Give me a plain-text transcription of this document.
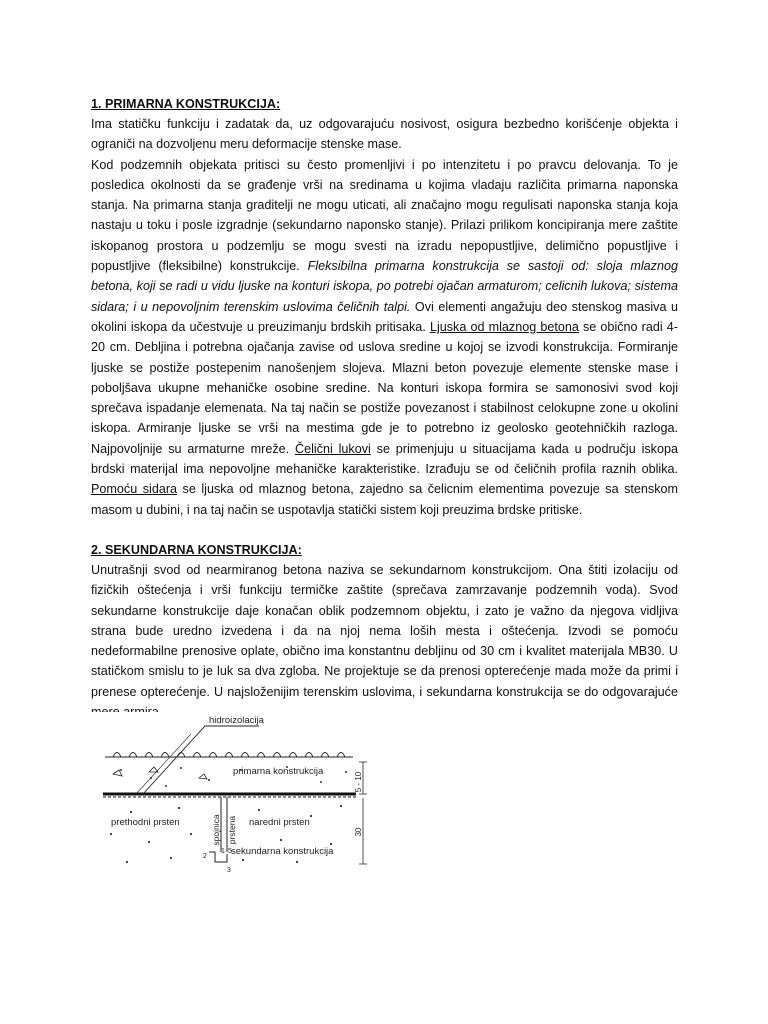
1. PRIMARNA KONSTRUKCIJA:

Ima statičku funkciju i zadatak da, uz odgovarajuću nosivost, osigura bezbedno korišćenje objekta i ograniči na dozvoljenu meru deformacije stenske mase.

Kod podzemnih objekata pritisci su često promenljivi i po intenzitetu i po pravcu delovanja. To je posledica okolnosti da se građenje vrši na sredinama u kojima vladaju različita primarna naponska stanja. Na primarna stanja graditelji ne mogu uticati, ali značajno mogu regulisati naponska stanja koja nastaju u toku i posle izgradnje (sekundarno naponsko stanje). Prilazi prilikom koncipiranja mere zaštite iskopanog prostora u podzemlju se mogu svesti na izradu nepopustljive, delimično popustljive i popustljive (fleksibilne) konstrukcije. Fleksibilna primarna konstrukcija se sastoji od: sloja mlaznog betona, koji se radi u vidu ljuske na konturi iskopa, po potrebi ojačan armaturom; celicnih lukova; sistema sidara; i u nepovoljnim terenskim uslovima čeličnih talpi. Ovi elementi angažuju deo stenskog masiva u okolini iskopa da učestvuje u preuzimanju brdskih pritisaka. Ljuska od mlaznog betona se obično radi 4-20 cm. Debljina i potrebna ojačanja zavise od uslova sredine u kojoj se izvodi konstrukcija. Formiranje ljuske se postiže postepenim nanošenjem slojeva. Mlazni beton povezuje elemente stenske mase i poboljšava ukupne mehaničke osobine sredine. Na konturi iskopa formira se samonosivi svod koji sprečava ispadanje elemenata. Na taj način se postiže povezanost i stabilnost celokupne zone u okolini iskopa. Armiranje ljuske se vrši na mestima gde je to potrebno iz geolosko geotehničkih razloga. Najpovoljnije su armaturne mreže. Čelični lukovi se primenjuju u situacijama kada u području iskopa brdski materijal ima nepovoljne mehaničke karakteristike. Izrađuju se od čeličnih profila raznih oblika. Pomoću sidara se ljuska od mlaznog betona, zajedno sa čelicnim elementima povezuje sa stenskom masom u dubini, i na taj način se uspotavlja statički sistem koji preuzima brdske pritiske.

2. SEKUNDARNA KONSTRUKCIJA:

Unutrašnji svod od nearmiranog betona naziva se sekundarnom konstrukcijom. Ona štiti izolaciju od fizičkih oštećenja i vrši funkciju termičke zaštite (sprečava zamrzavanje podzemnih voda). Svod sekundarne konstrukcije daje konačan oblik podzemnom objektu, i zato je važno da njegova vidljiva strana bude uredno izvedena i da na njoj nema loših mesta i oštećenja. Izvodi se pomoću nedeformabilne prenosive oplate, obično ima konstantnu debljinu od 30 cm i kvalitet materijala MB30. U statičkom smislu to je luk sa dva zgloba. Ne projektuje se da prenosi opterećenje mada može da primi i prenese opterećenje. U najsloženijim terenskim uslovima, i sekundarna konstrukcija se do odgovarajuće

5 - 10
30
hidroizolacija
primarna konstrukcija
prethodni prsten	naredni prsten
spojnica prstena
sekundarna konstrukcija
1
2
3
5
